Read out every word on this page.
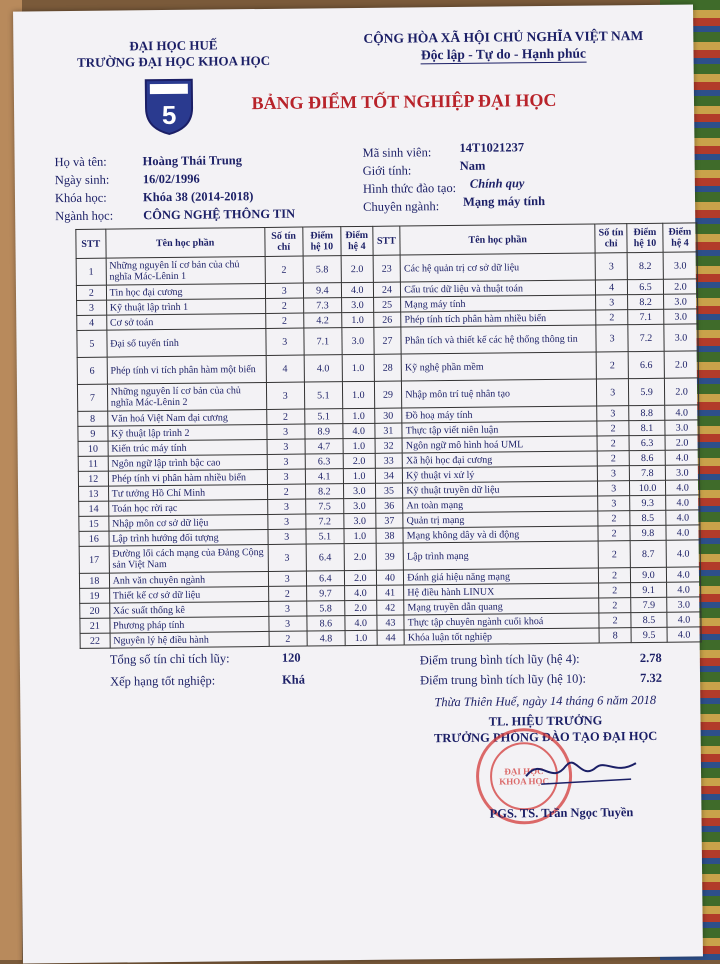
ĐẠI HỌC HUẾ
TRƯỜNG ĐẠI HỌC KHOA HỌC
CỘNG HÒA XÃ HỘI CHỦ NGHĨA VIỆT NAM
Độc lập - Tự do - Hạnh phúc
5	BẢNG ĐIỂM TỐT NGHIỆP ĐẠI HỌC
Họ và tên:	Hoàng Thái Trung
Ngày sinh:	16/02/1996
Khóa học:	Khóa 38 (2014-2018)
Ngành học: CÔNG NGHỆ THÔNG TIN
Mã sinh viên: 14T1021237
Giới tính:	Nam
Hình thức đào tạo: Chính quy
Chuyên ngành: Mạng máy tính
STT	Tên học phần	Số tín chỉ	Điểm hệ 10	Điểm hệ 4	STT	Tên học phần	Số tín chỉ	Điểm hệ 10	Điểm hệ 4
1	Những nguyên lí cơ bản của chủ nghĩa Mác-Lênin 1	2	5.8	2.0	23	Các hệ quản trị cơ sở dữ liệu	3	8.2	3.0
2	Tin học đại cương	3	9.4	4.0	24	Cấu trúc dữ liệu và thuật toán	4	6.5	2.0
3	Kỹ thuật lập trình 1	2	7.3	3.0	25	Mạng máy tính	3	8.2	3.0
4	Cơ sở toán	2	4.2	1.0	26	Phép tính tích phân hàm nhiều biến	2	7.1	3.0
5	Đại số tuyến tính	3	7.1	3.0	27	Phân tích và thiết kế các hệ thống thông tin	3	7.2	3.0
6	Phép tính vi tích phân hàm một biến	4	4.0	1.0	28	Kỹ nghệ phần mềm	2	6.6	2.0
7	Những nguyên lí cơ bản của chủ nghĩa Mác-Lênin 2	3	5.1	1.0	29	Nhập môn trí tuệ nhân tạo	3	5.9	2.0
8	Văn hoá Việt Nam đại cương	2	5.1	1.0	30	Đồ hoạ máy tính	3	8.8	4.0
9	Kỹ thuật lập trình 2	3	8.9	4.0	31	Thực tập viết niên luận	2	8.1	3.0
10	Kiến trúc máy tính	3	4.7	1.0	32	Ngôn ngữ mô hình hoá UML	2	6.3	2.0
11	Ngôn ngữ lập trình bậc cao	3	6.3	2.0	33	Xã hội học đại cương	2	8.6	4.0
12	Phép tính vi phân hàm nhiều biến	3	4.1	1.0	34	Kỹ thuật vi xử lý	3	7.8	3.0
13	Tư tưởng Hồ Chí Minh	2	8.2	3.0	35	Kỹ thuật truyền dữ liệu	3	10.0	4.0
14	Toán học rời rạc	3	7.5	3.0	36	An toàn mạng	3	9.3	4.0
15	Nhập môn cơ sở dữ liệu	3	7.2	3.0	37	Quản trị mạng	2	8.5	4.0
16	Lập trình hướng đối tượng	3	5.1	1.0	38	Mạng không dây và di động	2	9.8	4.0
17	Đường lối cách mạng của Đảng Cộng sản Việt Nam	3	6.4	2.0	39	Lập trình mạng	2	8.7	4.0
18	Anh văn chuyên ngành	3	6.4	2.0	40	Đánh giá hiệu năng mạng	2	9.0	4.0
19	Thiết kế cơ sở dữ liệu	2	9.7	4.0	41	Hệ điều hành LINUX	2	9.1	4.0
20	Xác suất thống kê	3	5.8	2.0	42	Mạng truyền dẫn quang	2	7.9	3.0
21	Phương pháp tính	3	8.6	4.0	43	Thực tập chuyên ngành cuối khoá	2	8.5	4.0
22	Nguyên lý hệ điều hành	2	4.8	1.0	44	Khóa luận tốt nghiệp	8	9.5	4.0
Tổng số tín chỉ tích lũy:	120
Xếp hạng tốt nghiệp:	Khá
Điểm trung bình tích lũy (hệ 4):	2.78
Điểm trung bình tích lũy (hệ 10):	7.32
Thừa Thiên Huế, ngày 14 tháng 6 năm 2018
TL. HIỆU TRƯỞNG
TRƯỞNG PHÒNG ĐÀO TẠO ĐẠI HỌC
ĐẠI HỌC
KHOA HỌC
PGS. TS. Trần Ngọc Tuyền
